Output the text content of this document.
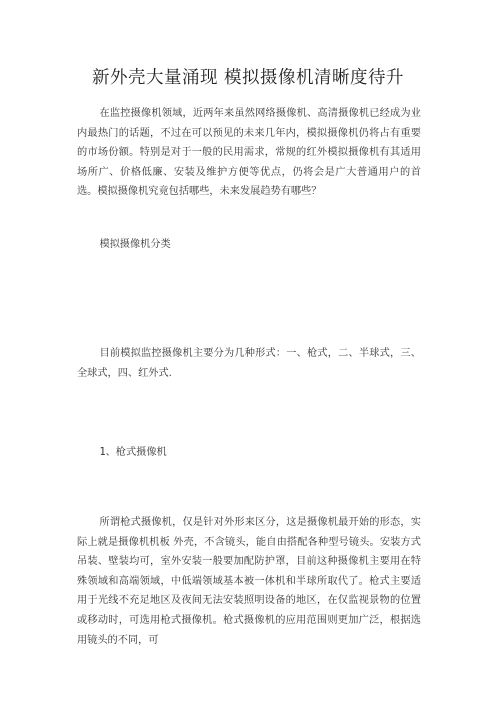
新外壳大量涌现 模拟摄像机清晰度待升

在监控摄像机领域，近两年来虽然网络摄像机、高清摄像机已经成为业内最热门的话题，不过在可以预见的未来几年内，模拟摄像机仍将占有重要的市场份额。特别是对于一般的民用需求，常规的红外模拟摄像机有其适用场所广、价格低廉、安装及维护方便等优点，仍将会是广大普通用户的首选。模拟摄像机究竟包括哪些，未来发展趋势有哪些？

模拟摄像机分类

目前模拟监控摄像机主要分为几种形式：一、枪式，二、半球式，三、全球式，四、红外式.

1、枪式摄像机

所谓枪式摄像机，仅是针对外形来区分，这是摄像机最开始的形态，实际上就是摄像机机板 外壳，不含镜头，能自由搭配各种型号镜头。安装方式吊装、壁装均可，室外安装一般要加配防护罩，目前这种摄像机主要用在特殊领域和高端领域，中低端领域基本被一体机和半球所取代了。枪式主要适用于光线不充足地区及夜间无法安装照明设备的地区，在仅监视景物的位置或移动时，可选用枪式摄像机。枪式摄像机的应用范围则更加广泛，根据选用镜头的不同，可
